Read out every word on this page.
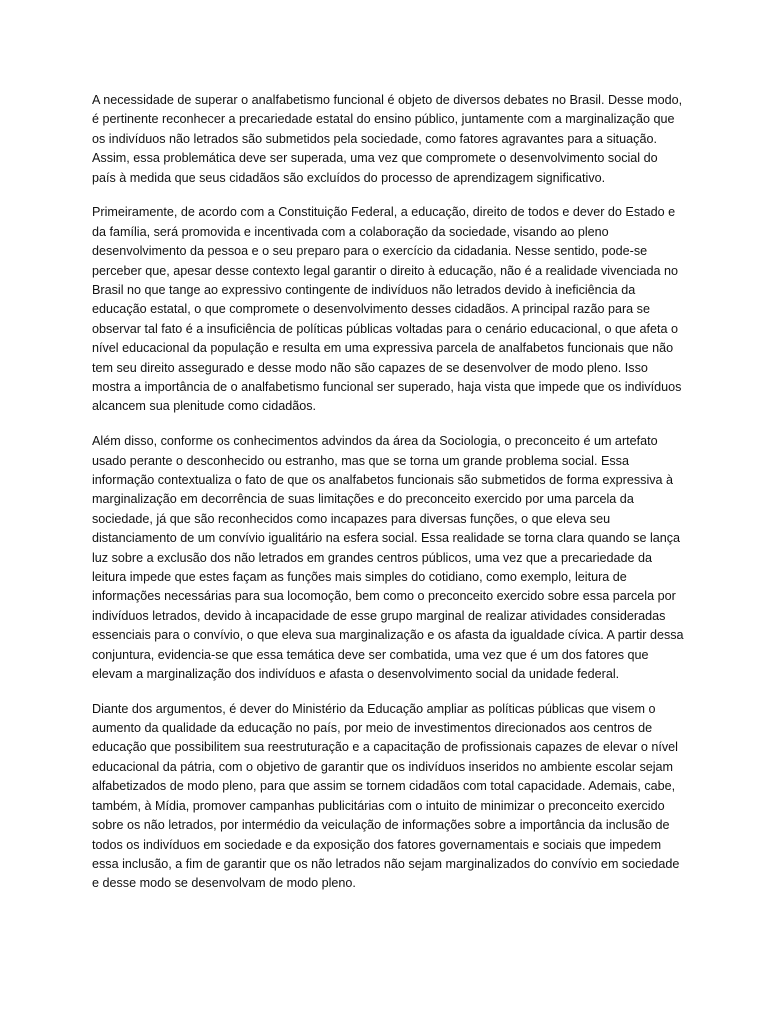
A necessidade de superar o analfabetismo funcional é objeto de diversos debates no Brasil. Desse modo, é pertinente reconhecer a precariedade estatal do ensino público, juntamente com a marginalização que os indivíduos não letrados são submetidos pela sociedade, como fatores agravantes para a situação. Assim, essa problemática deve ser superada, uma vez que compromete o desenvolvimento social do país à medida que seus cidadãos são excluídos do processo de aprendizagem significativo.

Primeiramente, de acordo com a Constituição Federal, a educação, direito de todos e dever do Estado e da família, será promovida e incentivada com a colaboração da sociedade, visando ao pleno desenvolvimento da pessoa e o seu preparo para o exercício da cidadania. Nesse sentido, pode-se perceber que, apesar desse contexto legal garantir o direito à educação, não é a realidade vivenciada no Brasil no que tange ao expressivo contingente de indivíduos não letrados devido à ineficiência da educação estatal, o que compromete o desenvolvimento desses cidadãos. A principal razão para se observar tal fato é a insuficiência de políticas públicas voltadas para o cenário educacional, o que afeta o nível educacional da população e resulta em uma expressiva parcela de analfabetos funcionais que não tem seu direito assegurado e desse modo não são capazes de se desenvolver de modo pleno. Isso mostra a importância de o analfabetismo funcional ser superado, haja vista que impede que os indivíduos alcancem sua plenitude como cidadãos.

Além disso, conforme os conhecimentos advindos da área da Sociologia, o preconceito é um artefato usado perante o desconhecido ou estranho, mas que se torna um grande problema social. Essa informação contextualiza o fato de que os analfabetos funcionais são submetidos de forma expressiva à marginalização em decorrência de suas limitações e do preconceito exercido por uma parcela da sociedade, já que são reconhecidos como incapazes para diversas funções, o que eleva seu distanciamento de um convívio igualitário na esfera social. Essa realidade se torna clara quando se lança luz sobre a exclusão dos não letrados em grandes centros públicos, uma vez que a precariedade da leitura impede que estes façam as funções mais simples do cotidiano, como exemplo, leitura de informações necessárias para sua locomoção, bem como o preconceito exercido sobre essa parcela por indivíduos letrados, devido à incapacidade de esse grupo marginal de realizar atividades consideradas essenciais para o convívio, o que eleva sua marginalização e os afasta da igualdade cívica. A partir dessa conjuntura, evidencia-se que essa temática deve ser combatida, uma vez que é um dos fatores que elevam a marginalização dos indivíduos e afasta o desenvolvimento social da unidade federal.

Diante dos argumentos, é dever do Ministério da Educação ampliar as políticas públicas que visem o aumento da qualidade da educação no país, por meio de investimentos direcionados aos centros de educação que possibilitem sua reestruturação e a capacitação de profissionais capazes de elevar o nível educacional da pátria, com o objetivo de garantir que os indivíduos inseridos no ambiente escolar sejam alfabetizados de modo pleno, para que assim se tornem cidadãos com total capacidade. Ademais, cabe, também, à Mídia, promover campanhas publicitárias com o intuito de minimizar o preconceito exercido sobre os não letrados, por intermédio da veiculação de informações sobre a importância da inclusão de todos os indivíduos em sociedade e da exposição dos fatores governamentais e sociais que impedem essa inclusão, a fim de garantir que os não letrados não sejam marginalizados do convívio em sociedade e desse modo se desenvolvam de modo pleno.
